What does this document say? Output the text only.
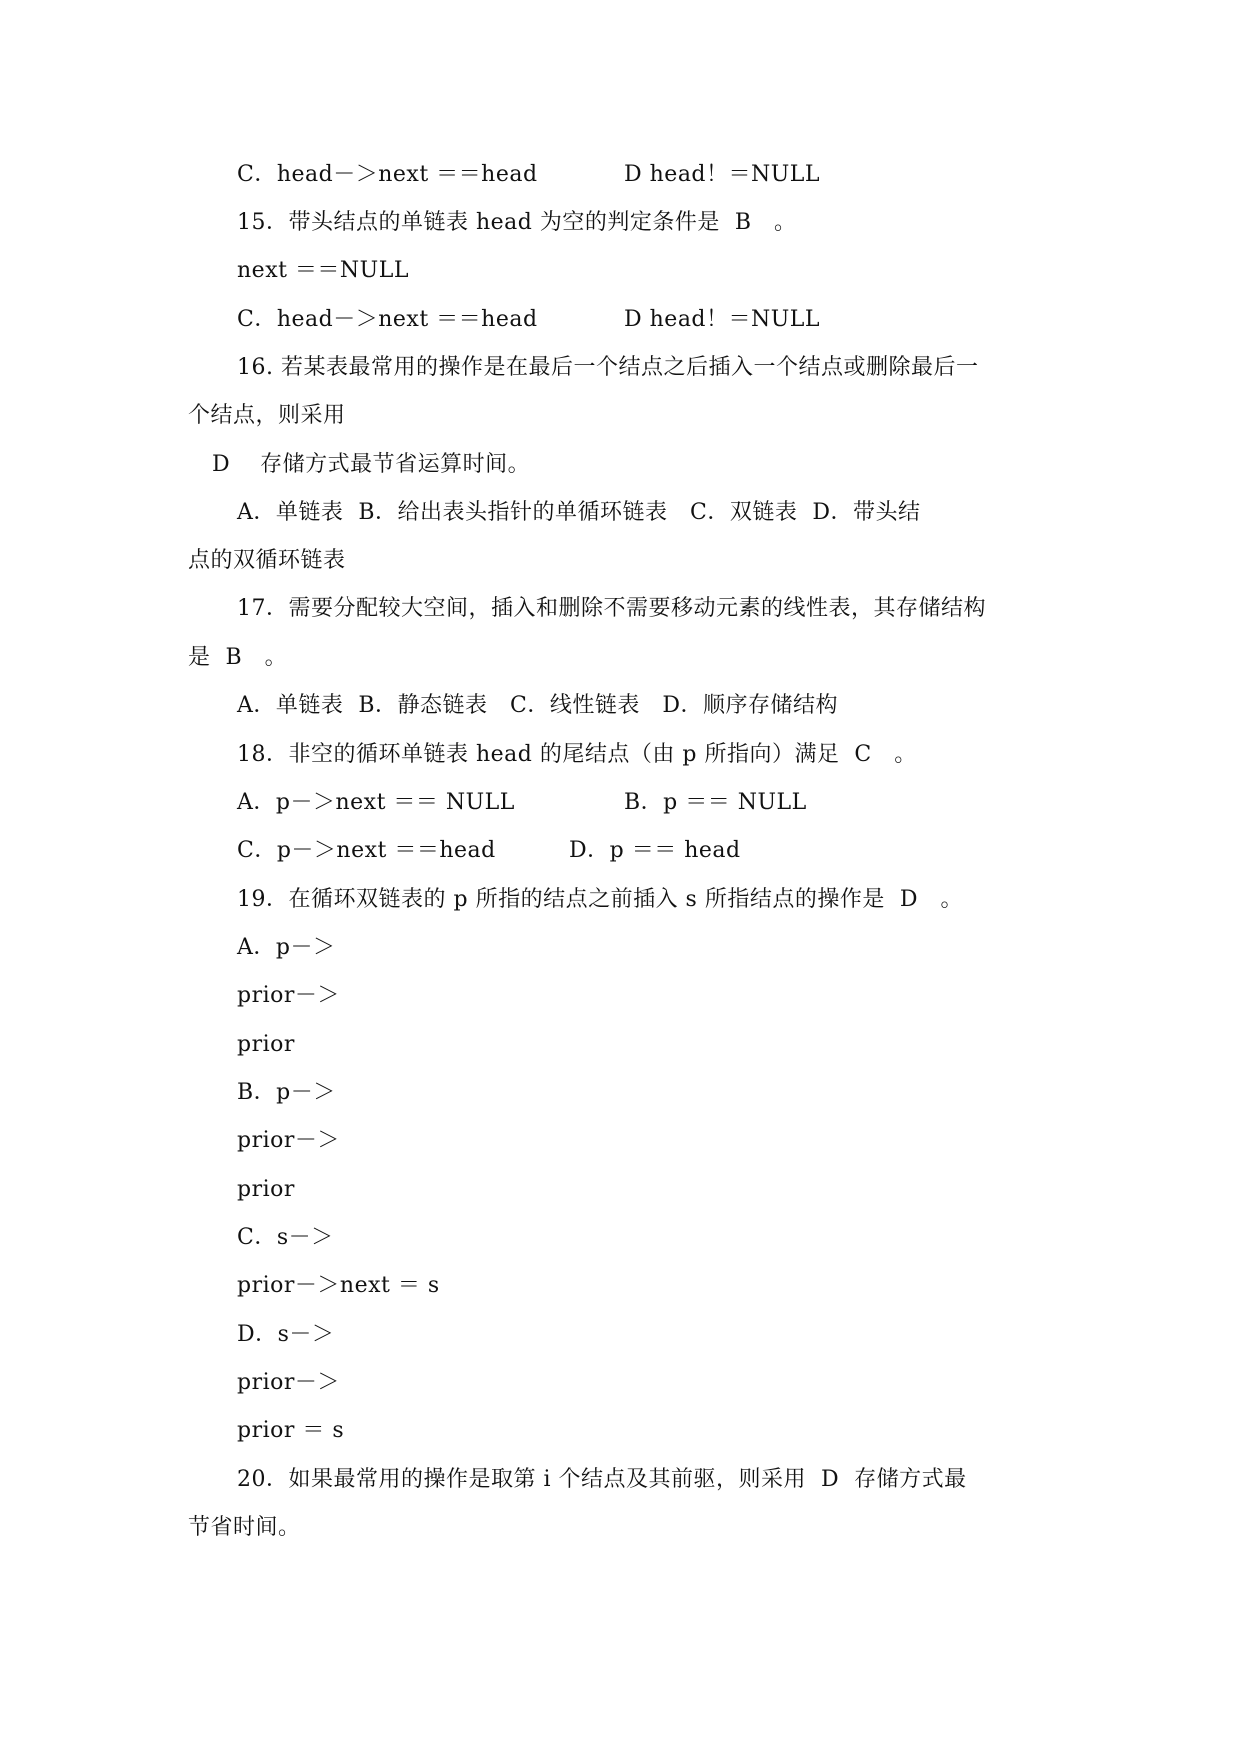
C．head－＞next ＝＝head	D head！＝NULL
15．带头结点的单链表 head 为空的判定条件是  B   。
next ＝＝NULL
C．head－＞next ＝＝head	D head！＝NULL
16. 若某表最常用的操作是在最后一个结点之后插入一个结点或删除最后一
个结点，则采用
D    存储方式最节省运算时间。
A．单链表  B．给出表头指针的单循环链表   C．双链表  D．带头结
点的双循环链表
17．需要分配较大空间，插入和删除不需要移动元素的线性表，其存储结构
是  B   。
A．单链表  B．静态链表   C．线性链表   D．顺序存储结构
18．非空的循环单链表 head 的尾结点（由 p 所指向）满足  C   。
A．p－＞next ＝＝ NULL	B．p ＝＝ NULL
C．p－＞next ＝＝head	D．p ＝＝ head
19．在循环双链表的 p 所指的结点之前插入 s 所指结点的操作是  D   。
A．p－＞
prior－＞
prior
B．p－＞
prior－＞
prior
C．s－＞
prior－＞next ＝ s
D．s－＞
prior－＞
prior ＝ s
20．如果最常用的操作是取第 i 个结点及其前驱，则采用  D  存储方式最
节省时间。
